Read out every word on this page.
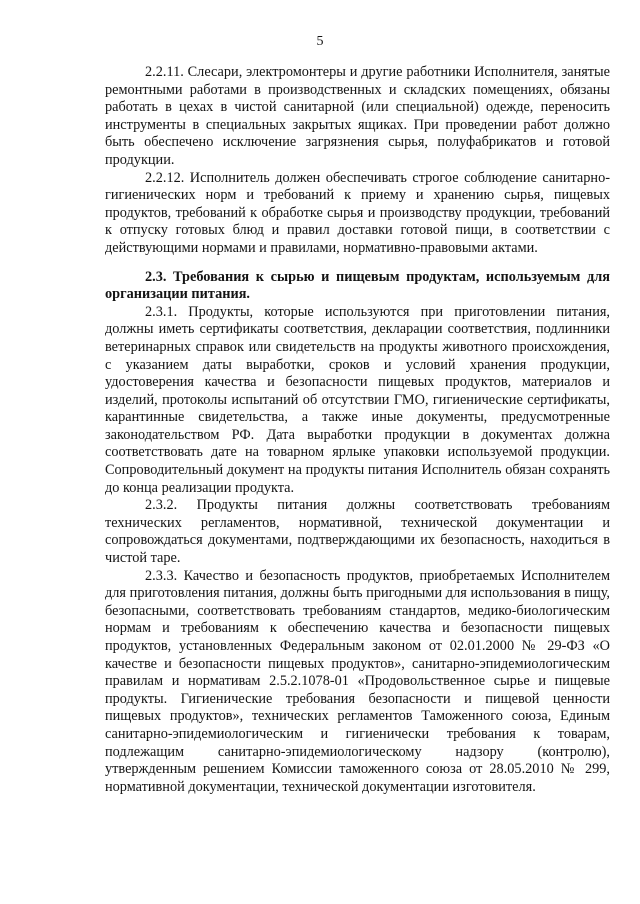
5

2.2.11. Слесари, электромонтеры и другие работники Исполнителя, занятые ремонтными работами в производственных и складских помещениях, обязаны работать в цехах в чистой санитарной (или специальной) одежде, переносить инструменты в специальных закрытых ящиках. При проведении работ должно быть обеспечено исключение загрязнения сырья, полуфабрикатов и готовой продукции.

2.2.12. Исполнитель должен обеспечивать строгое соблюдение санитарно-гигиенических норм и требований к приему и хранению сырья, пищевых продуктов, требований к обработке сырья и производству продукции, требований к отпуску готовых блюд и правил доставки готовой пищи, в соответствии с действующими нормами и правилами, нормативно-правовыми актами.

2.3. Требования к сырью и пищевым продуктам, используемым для организации питания.

2.3.1. Продукты, которые используются при приготовлении питания, должны иметь сертификаты соответствия, декларации соответствия, подлинники ветеринарных справок или свидетельств на продукты животного происхождения, с указанием даты выработки, сроков и условий хранения продукции, удостоверения качества и безопасности пищевых продуктов, материалов и изделий, протоколы испытаний об отсутствии ГМО, гигиенические сертификаты, карантинные свидетельства, а также иные документы, предусмотренные законодательством РФ. Дата выработки продукции в документах должна соответствовать дате на товарном ярлыке упаковки используемой продукции. Сопроводительный документ на продукты питания Исполнитель обязан сохранять до конца реализации продукта.

2.3.2. Продукты питания должны соответствовать требованиям технических регламентов, нормативной, технической документации и сопровождаться документами, подтверждающими их безопасность, находиться в чистой таре.

2.3.3. Качество и безопасность продуктов, приобретаемых Исполнителем для приготовления питания, должны быть пригодными для использования в пищу, безопасными, соответствовать требованиям стандартов, медико-биологическим нормам и требованиям к обеспечению качества и безопасности пищевых продуктов, установленных Федеральным законом от 02.01.2000 № 29-ФЗ «О качестве и безопасности пищевых продуктов», санитарно-эпидемиологическим правилам и нормативам 2.5.2.1078-01 «Продовольственное сырье и пищевые продукты. Гигиенические требования безопасности и пищевой ценности пищевых продуктов», технических регламентов Таможенного союза, Единым санитарно-эпидемиологическим и гигиенически требования к товарам, подлежащим санитарно-эпидемиологическому надзору (контролю), утвержденным решением Комиссии таможенного союза от 28.05.2010 № 299, нормативной документации, технической документации изготовителя.
